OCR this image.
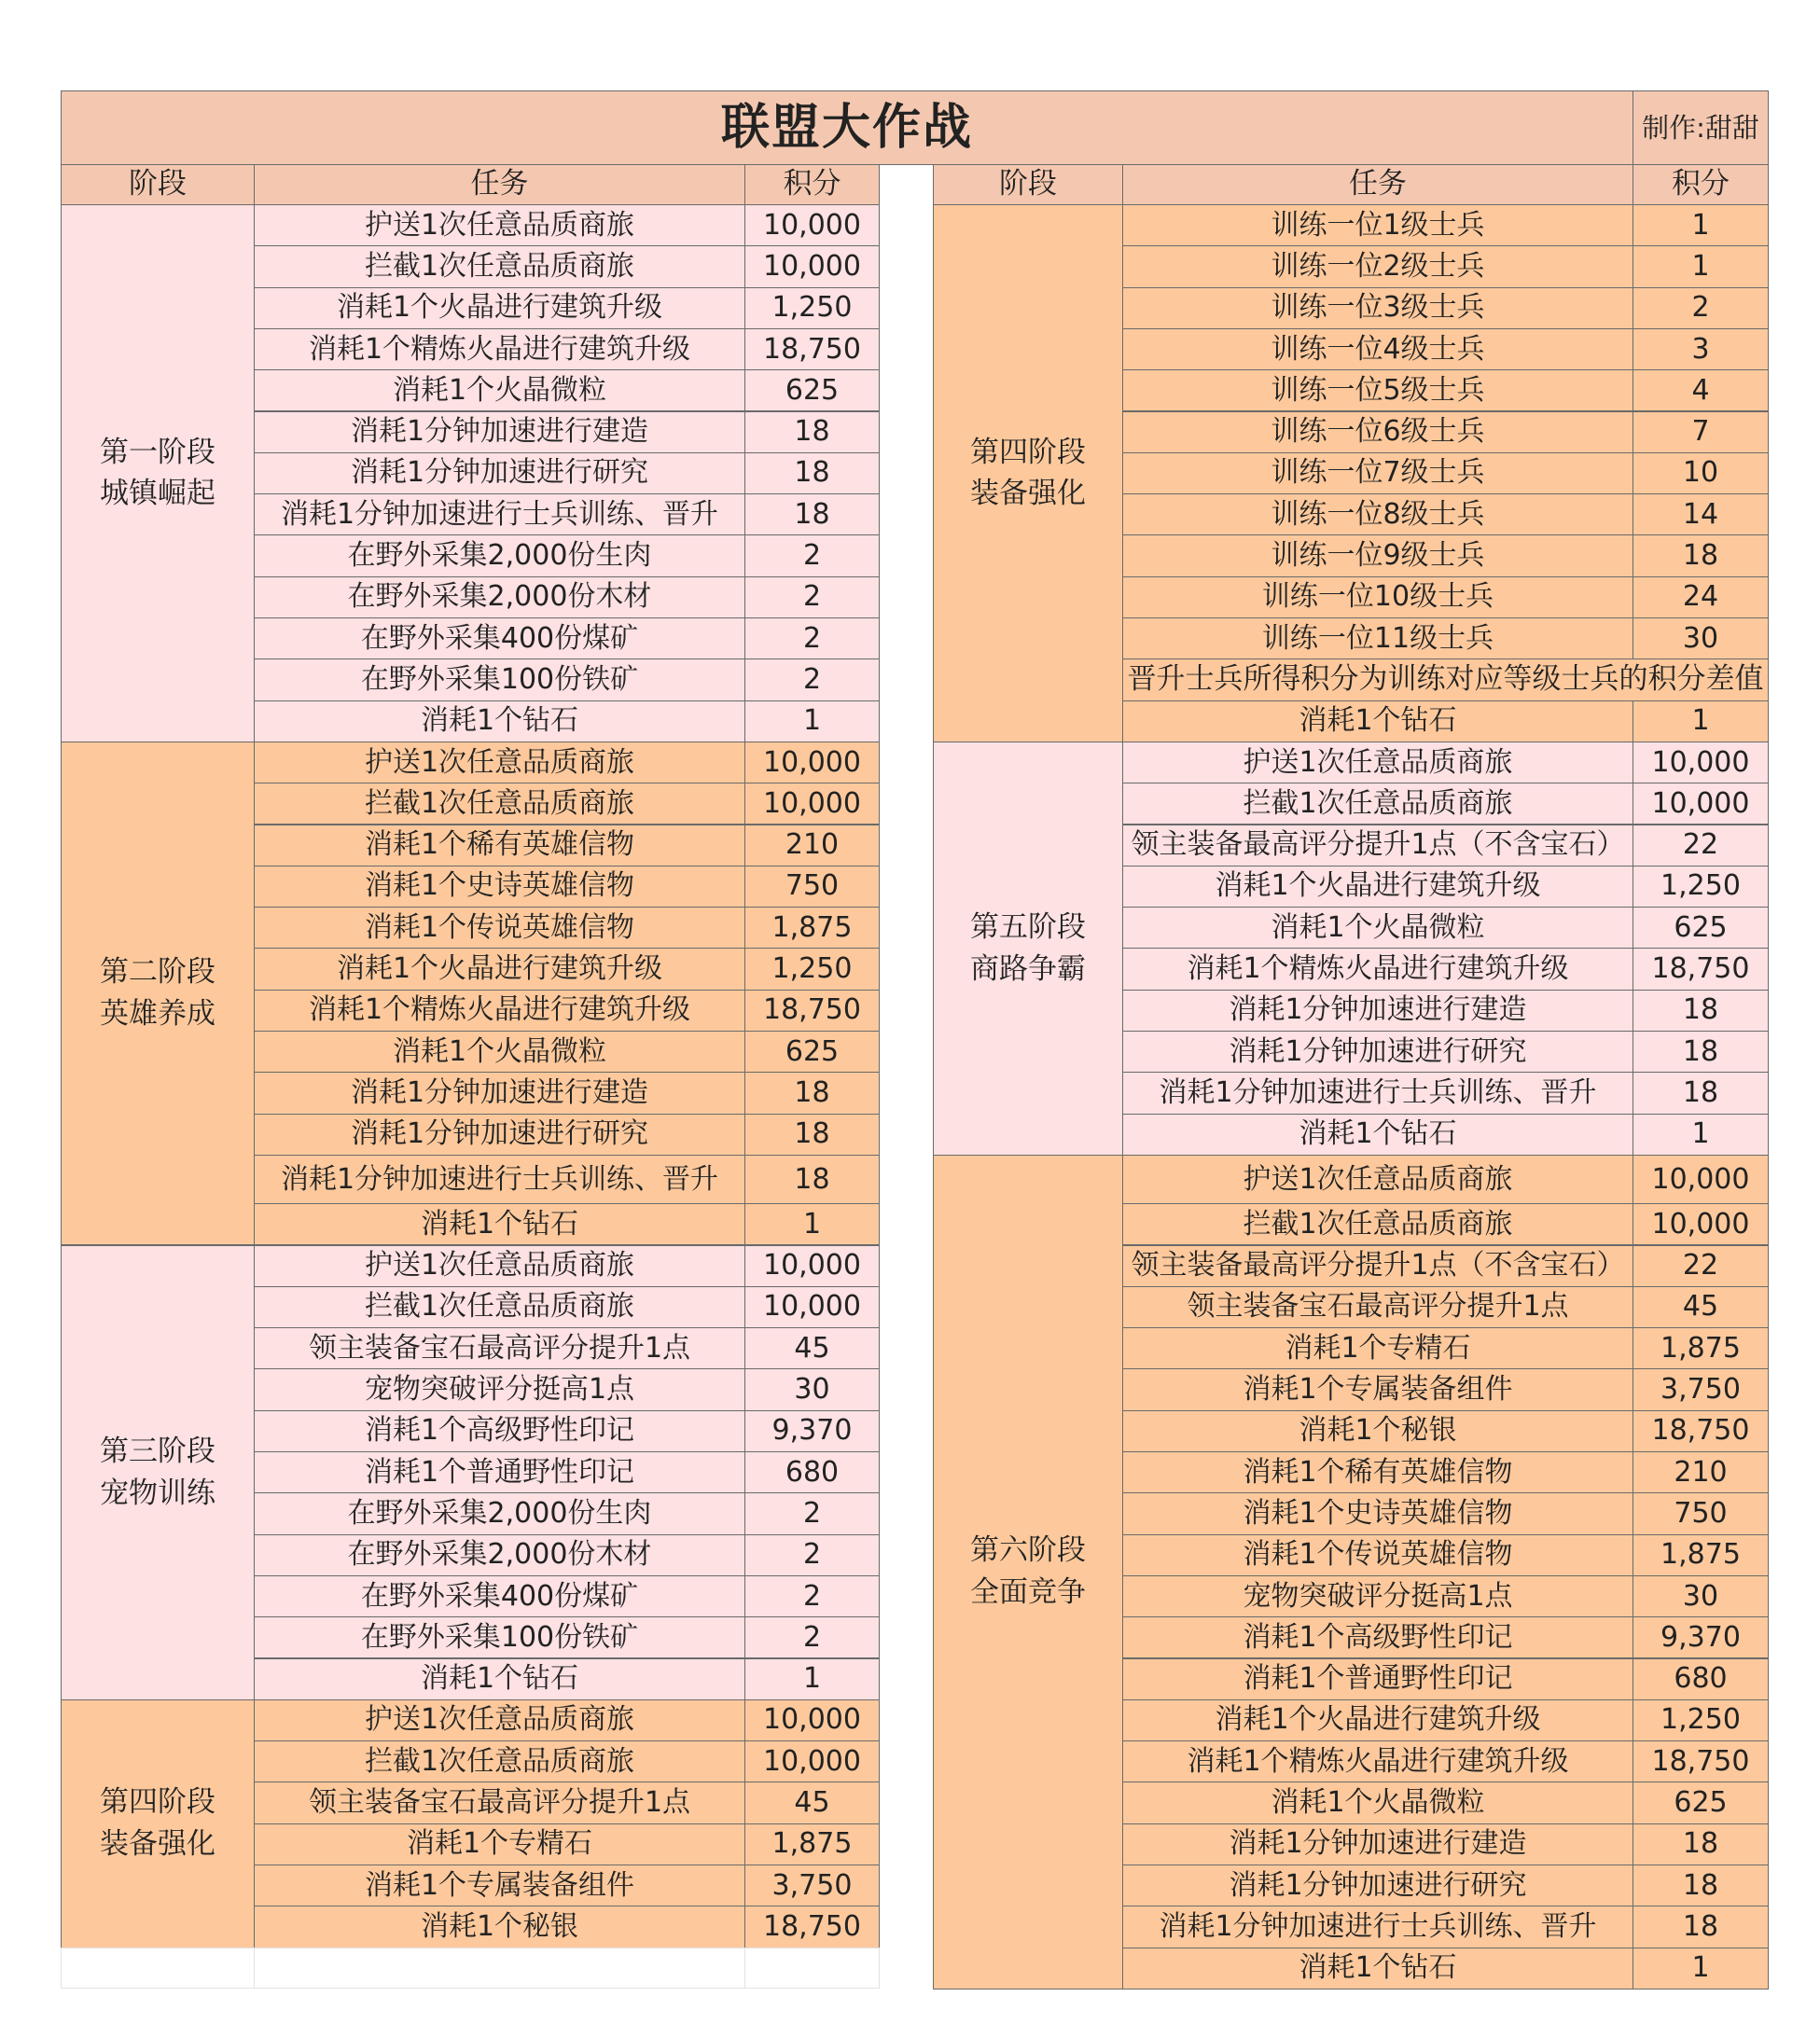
联盟大作战	制作:甜甜
阶段	任务	积分	阶段	任务	积分
第一阶段
城镇崛起
护送1次任意品质商旅	10,000
拦截1次任意品质商旅	10,000
消耗1个火晶进行建筑升级	1,250
消耗1个精炼火晶进行建筑升级	18,750
消耗1个火晶微粒	625
消耗1分钟加速进行建造	18
消耗1分钟加速进行研究	18
消耗1分钟加速进行士兵训练、晋升	18
在野外采集2,000份生肉	2
在野外采集2,000份木材	2
在野外采集400份煤矿	2
在野外采集100份铁矿	2
消耗1个钻石	1
第二阶段
英雄养成
护送1次任意品质商旅	10,000
拦截1次任意品质商旅	10,000
消耗1个稀有英雄信物	210
消耗1个史诗英雄信物	750
消耗1个传说英雄信物	1,875
消耗1个火晶进行建筑升级	1,250
消耗1个精炼火晶进行建筑升级	18,750
消耗1个火晶微粒	625
消耗1分钟加速进行建造	18
消耗1分钟加速进行研究	18
消耗1分钟加速进行士兵训练、晋升	18
消耗1个钻石	1
第三阶段
宠物训练
护送1次任意品质商旅	10,000
拦截1次任意品质商旅	10,000
领主装备宝石最高评分提升1点	45
宠物突破评分挺高1点	30
消耗1个高级野性印记	9,370
消耗1个普通野性印记	680
在野外采集2,000份生肉	2
在野外采集2,000份木材	2
在野外采集400份煤矿	2
在野外采集100份铁矿	2
消耗1个钻石	1
第四阶段
装备强化
护送1次任意品质商旅	10,000
拦截1次任意品质商旅	10,000
领主装备宝石最高评分提升1点	45
消耗1个专精石	1,875
消耗1个专属装备组件	3,750
消耗1个秘银	18,750
第四阶段
装备强化
训练一位1级士兵	1
训练一位2级士兵	1
训练一位3级士兵	2
训练一位4级士兵	3
训练一位5级士兵	4
训练一位6级士兵	7
训练一位7级士兵	10
训练一位8级士兵	14
训练一位9级士兵	18
训练一位10级士兵	24
训练一位11级士兵	30
晋升士兵所得积分为训练对应等级士兵的积分差值
消耗1个钻石	1
第五阶段
商路争霸
护送1次任意品质商旅	10,000
拦截1次任意品质商旅	10,000
领主装备最高评分提升1点（不含宝石）	22
消耗1个火晶进行建筑升级	1,250
消耗1个火晶微粒	625
消耗1个精炼火晶进行建筑升级	18,750
消耗1分钟加速进行建造	18
消耗1分钟加速进行研究	18
消耗1分钟加速进行士兵训练、晋升	18
消耗1个钻石	1
第六阶段
全面竞争
护送1次任意品质商旅	10,000
拦截1次任意品质商旅	10,000
领主装备最高评分提升1点（不含宝石）	22
领主装备宝石最高评分提升1点	45
消耗1个专精石	1,875
消耗1个专属装备组件	3,750
消耗1个秘银	18,750
消耗1个稀有英雄信物	210
消耗1个史诗英雄信物	750
消耗1个传说英雄信物	1,875
宠物突破评分挺高1点	30
消耗1个高级野性印记	9,370
消耗1个普通野性印记	680
消耗1个火晶进行建筑升级	1,250
消耗1个精炼火晶进行建筑升级	18,750
消耗1个火晶微粒	625
消耗1分钟加速进行建造	18
消耗1分钟加速进行研究	18
消耗1分钟加速进行士兵训练、晋升	18
消耗1个钻石	1
